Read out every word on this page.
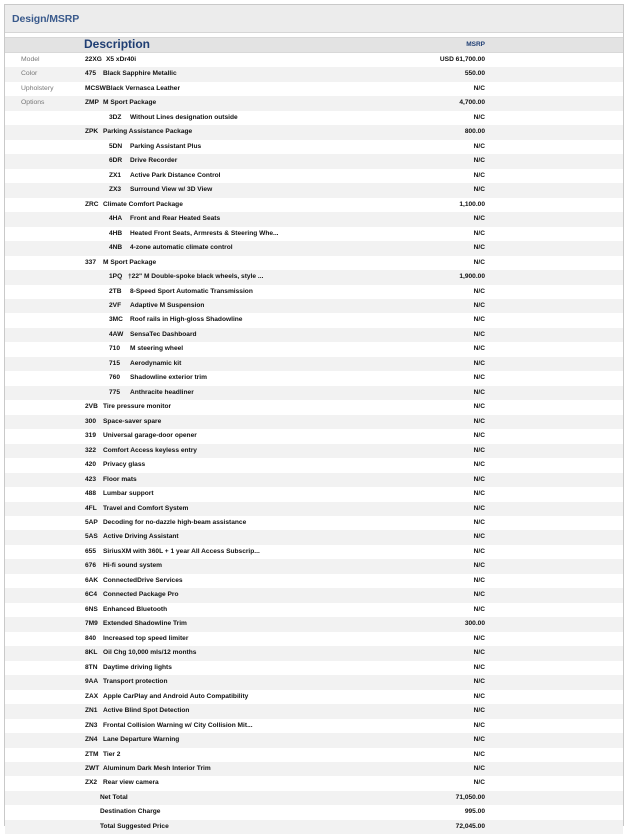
Design/MSRP
Description	MSRP
Model	22XG X5 xDr40i	USD 61,700.00
Color	475 Black Sapphire Metallic	550.00
Upholstery	MCSW Black Vernasca Leather	N/C
Options	ZMP M Sport Package	4,700.00
3DZ Without Lines designation outside	N/C
ZPK Parking Assistance Package	800.00
5DN Parking Assistant Plus	N/C
6DR Drive Recorder	N/C
ZX1 Active Park Distance Control	N/C
ZX3 Surround View w/ 3D View	N/C
ZRC Climate Comfort Package	1,100.00
4HA Front and Rear Heated Seats	N/C
4HB Heated Front Seats, Armrests & Steering Whe...	N/C
4NB 4-zone automatic climate control	N/C
337 M Sport Package	N/C
1PQ †22" M Double-spoke black wheels, style ...	1,900.00
2TB 8-Speed Sport Automatic Transmission	N/C
2VF Adaptive M Suspension	N/C
3MC Roof rails in High-gloss Shadowline	N/C
4AW SensaTec Dashboard	N/C
710 M steering wheel	N/C
715 Aerodynamic kit	N/C
760 Shadowline exterior trim	N/C
775 Anthracite headliner	N/C
2VB Tire pressure monitor	N/C
300 Space-saver spare	N/C
319 Universal garage-door opener	N/C
322 Comfort Access keyless entry	N/C
420 Privacy glass	N/C
423 Floor mats	N/C
488 Lumbar support	N/C
4FL Travel and Comfort System	N/C
5AP Decoding for no-dazzle high-beam assistance	N/C
5AS Active Driving Assistant	N/C
655 SiriusXM with 360L + 1 year All Access Subscrip...	N/C
676 Hi-fi sound system	N/C
6AK ConnectedDrive Services	N/C
6C4 Connected Package Pro	N/C
6NS Enhanced Bluetooth	N/C
7M9 Extended Shadowline Trim	300.00
840 Increased top speed limiter	N/C
8KL Oil Chg 10,000 mls/12 months	N/C
8TN Daytime driving lights	N/C
9AA Transport protection	N/C
ZAX Apple CarPlay and Android Auto Compatibility	N/C
ZN1 Active Blind Spot Detection	N/C
ZN3 Frontal Collision Warning w/ City Collision Mit...	N/C
ZN4 Lane Departure Warning	N/C
ZTM Tier 2	N/C
ZWT Aluminum Dark Mesh Interior Trim	N/C
ZX2 Rear view camera	N/C
Net Total	71,050.00
Destination Charge	995.00
Total Suggested Price	72,045.00
